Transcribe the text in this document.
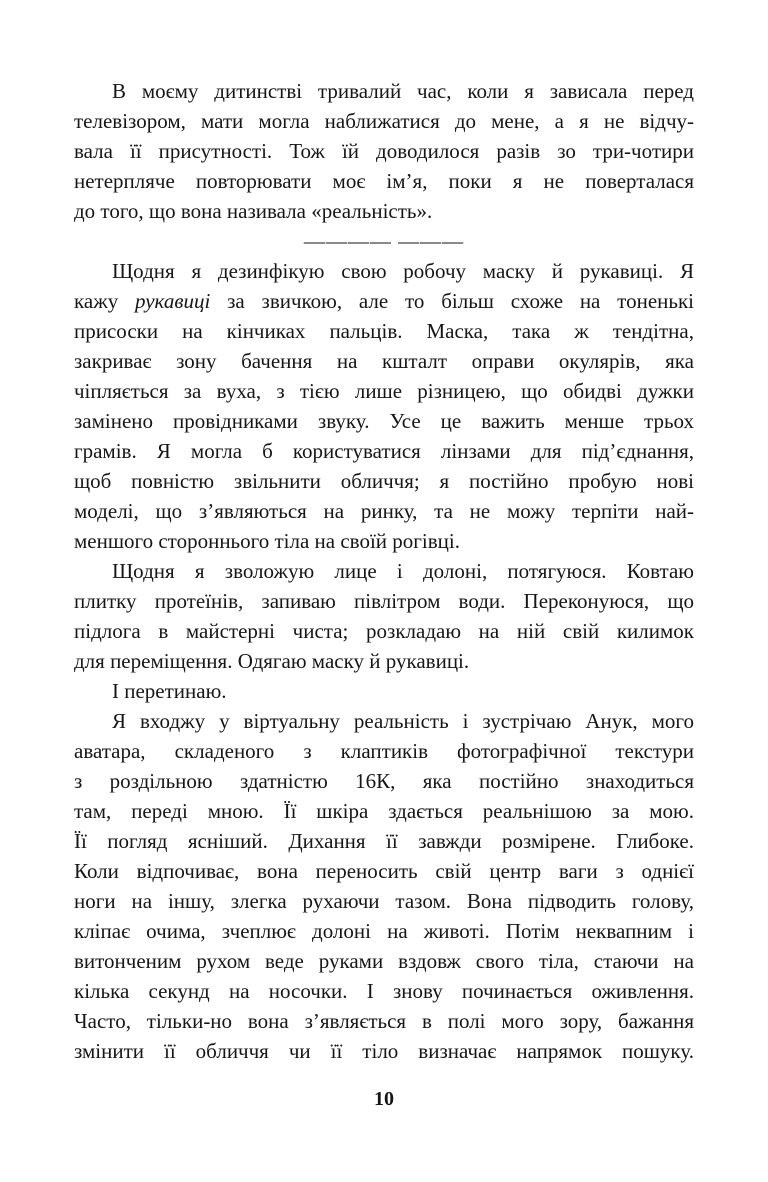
В моєму дитинстві тривалий час, коли я зависала перед
телевізором, мати могла наближатися до мене, а я не відчу-
вала її присутності. Тож їй доводилося разів зо три-чотири
нетерпляче повторювати моє ім’я, поки я не поверталася
до того, що вона називала «реальність».
———— ———
Щодня я дезинфікую свою робочу маску й рукавиці. Я
кажу рукавиці за звичкою, але то більш схоже на тоненькі
присоски на кінчиках пальців. Маска, така ж тендітна,
закриває зону бачення на кшталт оправи окулярів, яка
чіпляється за вуха, з тією лише різницею, що обидві дужки
замінено провідниками звуку. Усе це важить менше трьох
грамів. Я могла б користуватися лінзами для під’єднання,
щоб повністю звільнити обличчя; я постійно пробую нові
моделі, що з’являються на ринку, та не можу терпіти най-
меншого стороннього тіла на своїй рогівці.
Щодня я зволожую лице і долоні, потягуюся. Ковтаю
плитку протеїнів, запиваю півлітром води. Переконуюся, що
підлога в майстерні чиста; розкладаю на ній свій килимок
для переміщення. Одягаю маску й рукавиці.
І перетинаю.
Я входжу у віртуальну реальність і зустрічаю Анук, мого
аватара, складеного з клаптиків фотографічної текстури
з роздільною здатністю 16К, яка постійно знаходиться
там, переді мною. Її шкіра здається реальнішою за мою.
Її погляд ясніший. Дихання її завжди розмірене. Глибоке.
Коли відпочиває, вона переносить свій центр ваги з однієї
ноги на іншу, злегка рухаючи тазом. Вона підводить голову,
кліпає очима, зчеплює долоні на животі. Потім неквапним і
витонченим рухом веде руками вздовж свого тіла, стаючи на
кілька секунд на носочки. І знову починається оживлення.
Часто, тільки-но вона з’являється в полі мого зору, бажання
змінити її обличчя чи її тіло визначає напрямок пошуку.
10
